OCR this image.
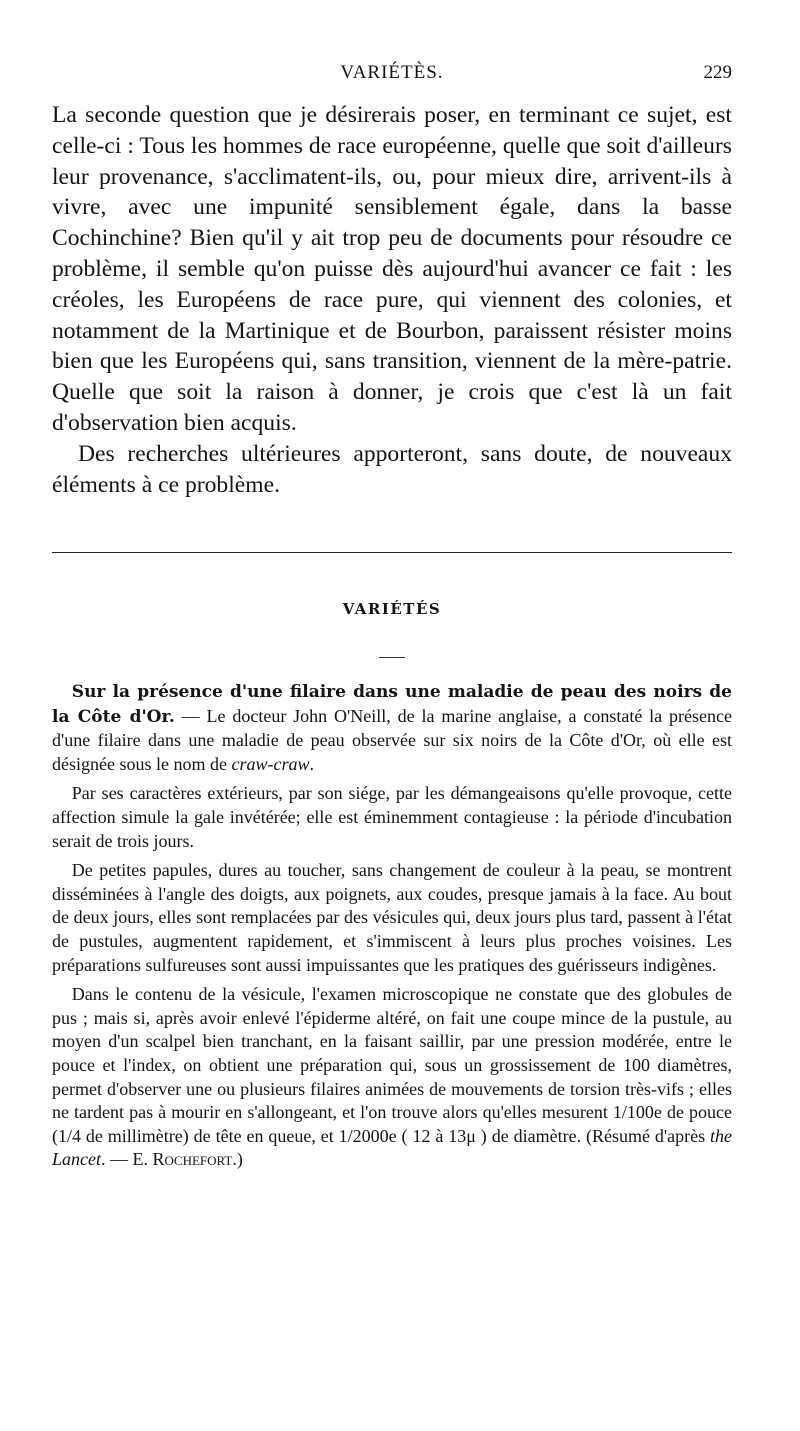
VARIÉTÈS.	229

La seconde question que je désirerais poser, en terminant ce sujet, est celle-ci : Tous les hommes de race européenne, quelle que soit d'ailleurs leur provenance, s'acclimatent-ils, ou, pour mieux dire, arrivent-ils à vivre, avec une impunité sensiblement égale, dans la basse Cochinchine? Bien qu'il y ait trop peu de documents pour résoudre ce problème, il semble qu'on puisse dès aujourd'hui avancer ce fait : les créoles, les Européens de race pure, qui viennent des colonies, et notamment de la Martinique et de Bourbon, paraissent résister moins bien que les Européens qui, sans transition, viennent de la mère-patrie. Quelle que soit la raison à donner, je crois que c'est là un fait d'observation bien acquis.

Des recherches ultérieures apporteront, sans doute, de nouveaux éléments à ce problème.

VARIÉTÉS

Sur la présence d'une filaire dans une maladie de peau des noirs de la Côte d'Or. — Le docteur John O'Neill, de la marine anglaise, a constaté la présence d'une filaire dans une maladie de peau observée sur six noirs de la Côte d'Or, où elle est désignée sous le nom de craw-craw.

Par ses caractères extérieurs, par son siége, par les démangeaisons qu'elle provoque, cette affection simule la gale invétérée; elle est éminemment contagieuse : la période d'incubation serait de trois jours.

De petites papules, dures au toucher, sans changement de couleur à la peau, se montrent disséminées à l'angle des doigts, aux poignets, aux coudes, presque jamais à la face. Au bout de deux jours, elles sont remplacées par des vésicules qui, deux jours plus tard, passent à l'état de pustules, augmentent rapidement, et s'immiscent à leurs plus proches voisines. Les préparations sulfureuses sont aussi impuissantes que les pratiques des guérisseurs indigènes.

Dans le contenu de la vésicule, l'examen microscopique ne constate que des globules de pus ; mais si, après avoir enlevé l'épiderme altéré, on fait une coupe mince de la pustule, au moyen d'un scalpel bien tranchant, en la faisant saillir, par une pression modérée, entre le pouce et l'index, on obtient une préparation qui, sous un grossissement de 100 diamètres, permet d'observer une ou plusieurs filaires animées de mouvements de torsion très-vifs ; elles ne tardent pas à mourir en s'allongeant, et l'on trouve alors qu'elles mesurent 1/100e de pouce (1/4 de millimètre) de tête en queue, et 1/2000e ( 12 à 13μ ) de diamètre. (Résumé d'après the Lancet. — E. Rochefort.)
